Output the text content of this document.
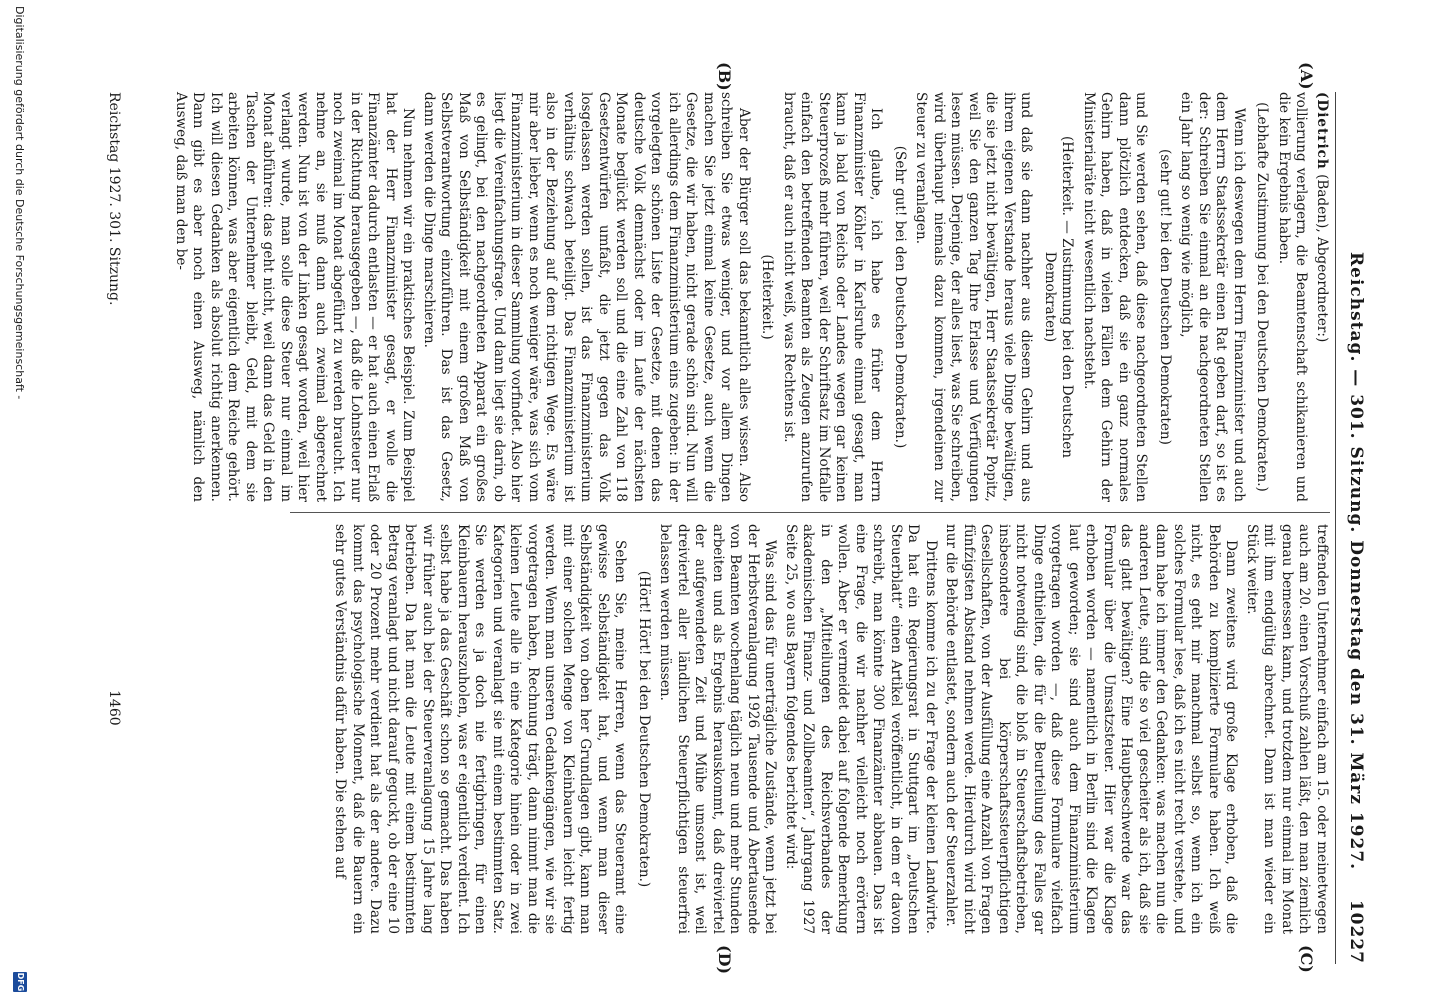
Reichstag. — 301. Sitzung. Donnerstag den 31. März 1927.
10227
(A)
(B)
(C)
(D)

(Dietrich (Baden), Abgeordneter:)

vollierung verlagern, die Beamtenschaft schikanieren und die kein Ergebnis haben.

(Lebhafte Zustimmung bei den Deutschen Demokraten.)

Wenn ich deswegen dem Herrn Finanzminister und auch dem Herrn Staatssekretär einen Rat geben darf, so ist es der: Schreiben Sie einmal an die nachgeordneten Stellen ein Jahr lang so wenig wie möglich,

(sehr gut! bei den Deutschen Demokraten)

und Sie werden sehen, daß diese nachgeordneten Stellen dann plötzlich entdecken, daß sie ein ganz normales Gehirn haben, daß in vielen Fällen dem Gehirn der Ministerialräte nicht wesentlich nachsteht.

(Heiterkeit. — Zustimmung bei den Deutschen Demokraten)

und daß sie dann nachher aus diesem Gehirn und aus ihrem eigenen Verstande heraus viele Dinge bewältigen, die sie jetzt nicht bewältigen, Herr Staatssekretär Popitz, weil Sie den ganzen Tag Ihre Erlasse und Verfügungen lesen müssen. Derjenige, der alles liest, was Sie schreiben, wird überhaupt niemals dazu kommen, irgendeinen zur Steuer zu veranlagen.

(Sehr gut! bei den Deutschen Demokraten.)

Ich glaube, ich habe es früher dem Herrn Finanzminister Köhler in Karlsruhe einmal gesagt, man kann ja bald von Reichs oder Landes wegen gar keinen Steuerprozeß mehr führen, weil der Schriftsatz im Notfalle einfach den betreffenden Beamten als Zeugen anzurufen braucht, daß er auch nicht weiß, was Rechtens ist.

(Heiterkeit.)

Aber der Bürger soll das bekanntlich alles wissen. Also schreiben Sie etwas weniger, und vor allem Dingen machen Sie jetzt einmal keine Gesetze, auch wenn die Gesetze, die wir haben, nicht gerade schön sind. Nun will ich allerdings dem Finanzministerium eins zugeben: in der vorgelegten schönen Liste der Gesetze, mit denen das deutsche Volk demnächst oder im Laufe der nächsten Monate beglückt werden soll und die eine Zahl von 118 Gesetzentwürfen umfaßt, die jetzt gegen das Volk losgelassen werden sollen, ist das Finanzministerium verhältnis schwach beteiligt. Das Finanzministerium ist also in der Beziehung auf dem richtigen Wege. Es wäre mir aber lieber, wenn es noch weniger wäre, was sich vom Finanzministerium in dieser Sammlung vorfindet. Also hier liegt die Vereinfachungsfrage. Und dann liegt sie darin, ob es gelingt, bei den nachgeordneten Apparat ein großes Maß von Selbständigkeit mit einem großen Maß von Selbstverantwortung einzuführen. Das ist das Gesetz, dann werden die Dinge marschieren.

Nun nehmen wir ein praktisches Beispiel. Zum Beispiel hat der Herr Finanzminister gesagt, er wolle die Finanzämter dadurch entlasten — er hat auch einen Erlaß in der Richtung herausgegeben —, daß die Lohnsteuer nur noch zweimal im Monat abgeführt zu werden braucht. Ich nehme an, sie muß dann auch zweimal abgerechnet werden. Nun ist von der Linken gesagt worden, weil hier verlangt wurde, man solle diese Steuer nur einmal im Monat abführen: das geht nicht, weil dann das Geld in den Taschen der Unternehmer bleibt, Geld, mit dem sie arbeiten können, was aber eigentlich dem Reiche gehört. Ich will diesen Gedanken als absolut richtig anerkennen. Dann gibt es aber noch einen Ausweg, nämlich den Ausweg, daß man den be-

treffenden Unternehmer einfach am 15. oder meinetwegen auch am 20. einen Vorschuß zahlen läßt, den man ziemlich genau bemessen kann, und trotzdem nur einmal im Monat mit ihm endgültig abrechnet. Dann ist man wieder ein Stück weiter.

Dann zweitens wird große Klage erhoben, daß die Behörden zu komplizierte Formulare haben. Ich weiß nicht, es geht mir manchmal selbst so, wenn ich ein solches Formular lese, daß ich es nicht recht verstehe, und dann habe ich immer den Gedanken: was machen nun die anderen Leute, sind die so viel gescheiter als ich, daß sie das glatt bewältigen? Eine Hauptbeschwerde war das Formular über die Umsatzsteuer. Hier war die Klage erhoben worden — namentlich in Berlin sind die Klagen laut geworden; sie sind auch dem Finanzministerium vorgetragen worden —, daß diese Formulare vielfach Dinge enthielten, die für die Beurteilung des Falles gar nicht notwendig sind, die bloß in Steuerschaftsbetrieben, insbesondere bei körperschaftssteuerpflichtigen Gesellschaften, von der Ausfüllung eine Anzahl von Fragen fünfzigsten Abstand nehmen werde. Hierdurch wird nicht nur die Behörde entlastet, sondern auch der Steuerzahler.

Drittens komme ich zu der Frage der kleinen Landwirte. Da hat ein Regierungsrat in Stuttgart im „Deutschen Steuerblatt“ einen Artikel veröffentlicht, in dem er davon schreibt, man könnte 300 Finanzämter abbauen. Das ist eine Frage, die wir nachher vielleicht noch erörtern wollen. Aber er vermeidet dabei auf folgende Bemerkung in den „Mitteilungen des Reichsverbandes der akademischen Finanz- und Zollbeamten“, Jahrgang 1927 Seite 25, wo aus Bayern folgendes berichtet wird:

Was sind das für unerträgliche Zustände, wenn jetzt bei der Herbstveranlagung 1926 Tausende und Abertausende von Beamten wochenlang täglich neun und mehr Stunden arbeiten und als Ergebnis herauskommt, daß dreiviertel der aufgewendeten Zeit und Mühe umsonst ist, weil dreiviertel aller ländlichen Steuerpflichtigen steuerfrei belassen werden müssen.

(Hört! Hört! bei den Deutschen Demokraten.)

Sehen Sie, meine Herren, wenn das Steueramt eine gewisse Selbständigkeit hat, und wenn man dieser Selbständigkeit von oben her Grundlagen gibt, kann man mit einer solchen Menge von Kleinbauern leicht fertig werden. Wenn man unseren Gedankengängen, wie wir sie vorgetragen haben, Rechnung trägt, dann nimmt man die kleinen Leute alle in eine Kategorie hinein oder in zwei Kategorien und veranlagt sie mit einem bestimmten Satz. Sie werden es ja doch nie fertigbringen, für einen Kleinbauern herauszuholen, was er eigentlich verdient. Ich selbst habe ja das Geschäft schon so gemacht. Das haben wir früher auch bei der Steuerveranlagung 15 Jahre lang betrieben. Da hat man die Leute mit einem bestimmten Betrag veranlagt und nicht darauf geguckt, ob der eine 10 oder 20 Prozent mehr verdient hat als der andere. Dazu kommt das psychologische Moment, daß die Bauern ein sehr gutes Verständnis dafür haben. Die stehen auf

Reichstag 1927. 301. Sitzung.
1460
Digitalisierung gefördert durch die Deutsche Forschungsgemeinschaft -
DFG
